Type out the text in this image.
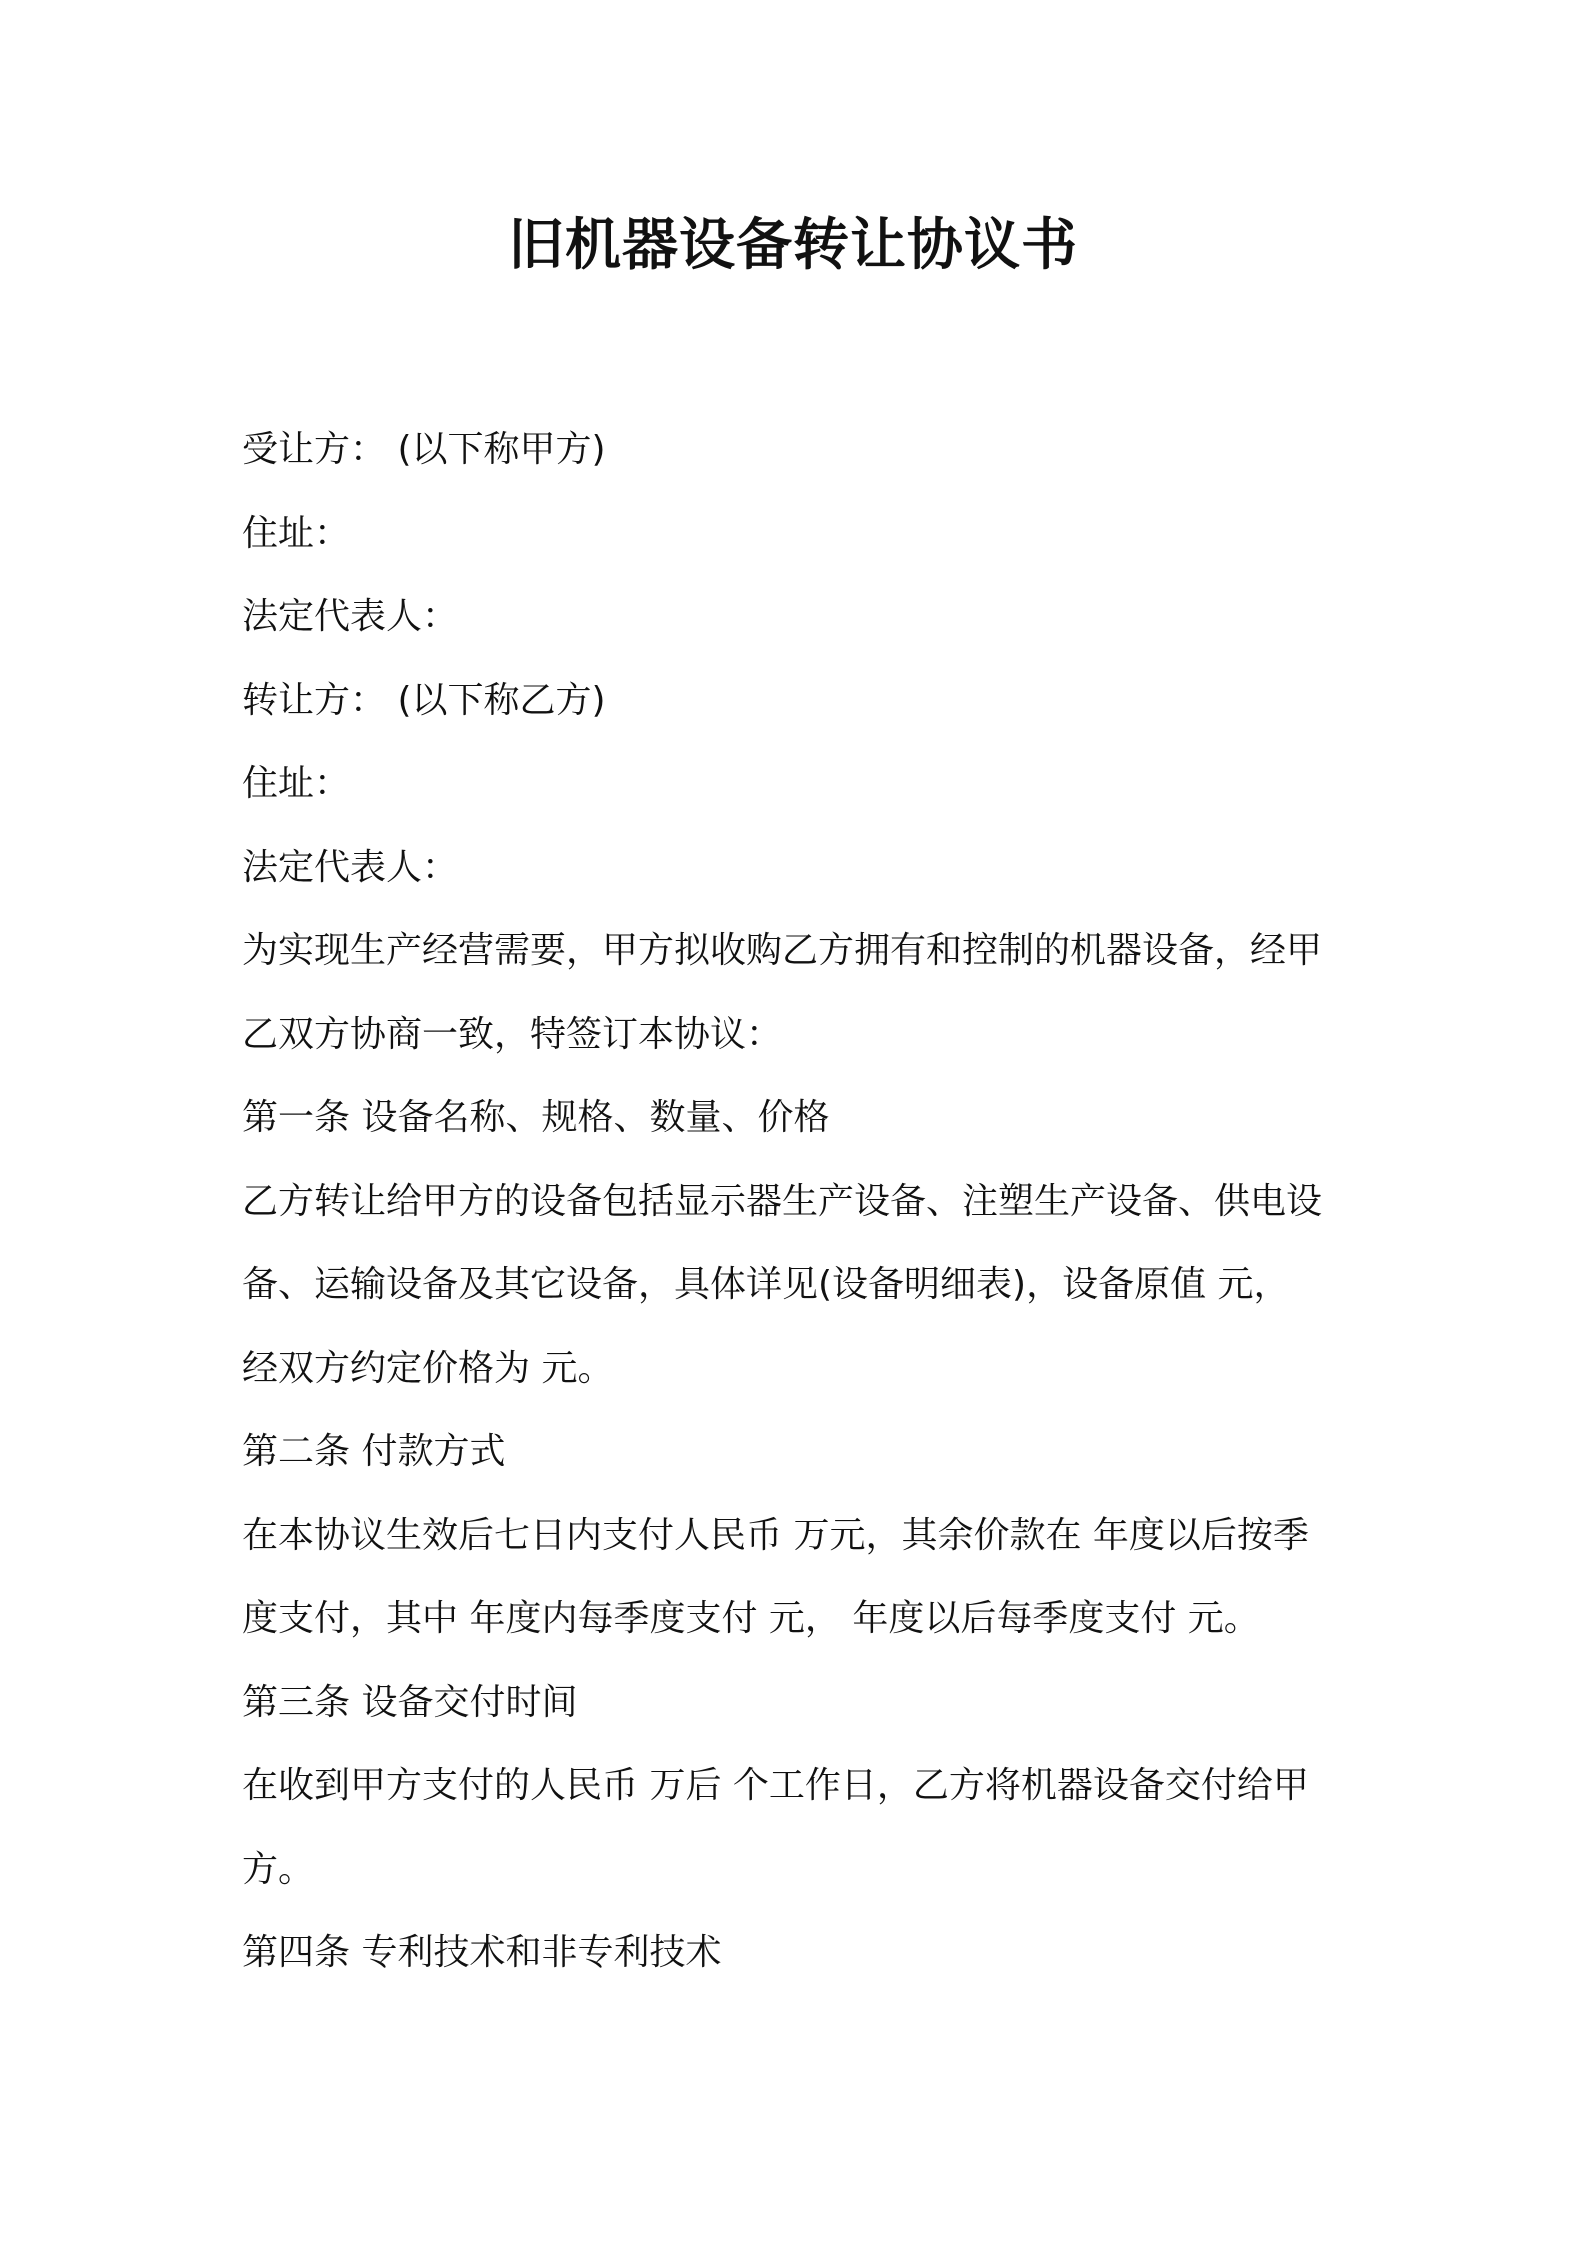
旧机器设备转让协议书

受让方： (以下称甲方)

住址：

法定代表人：

转让方： (以下称乙方)

住址：

法定代表人：

为实现生产经营需要，甲方拟收购乙方拥有和控制的机器设备，经甲

乙双方协商一致，特签订本协议：

第一条 设备名称、规格、数量、价格

乙方转让给甲方的设备包括显示器生产设备、注塑生产设备、供电设

备、运输设备及其它设备，具体详见(设备明细表)，设备原值 元，

经双方约定价格为 元。

第二条 付款方式

在本协议生效后七日内支付人民币 万元，其余价款在 年度以后按季

度支付，其中 年度内每季度支付 元， 年度以后每季度支付 元。

第三条 设备交付时间

在收到甲方支付的人民币 万后 个工作日，乙方将机器设备交付给甲

方。

第四条 专利技术和非专利技术
